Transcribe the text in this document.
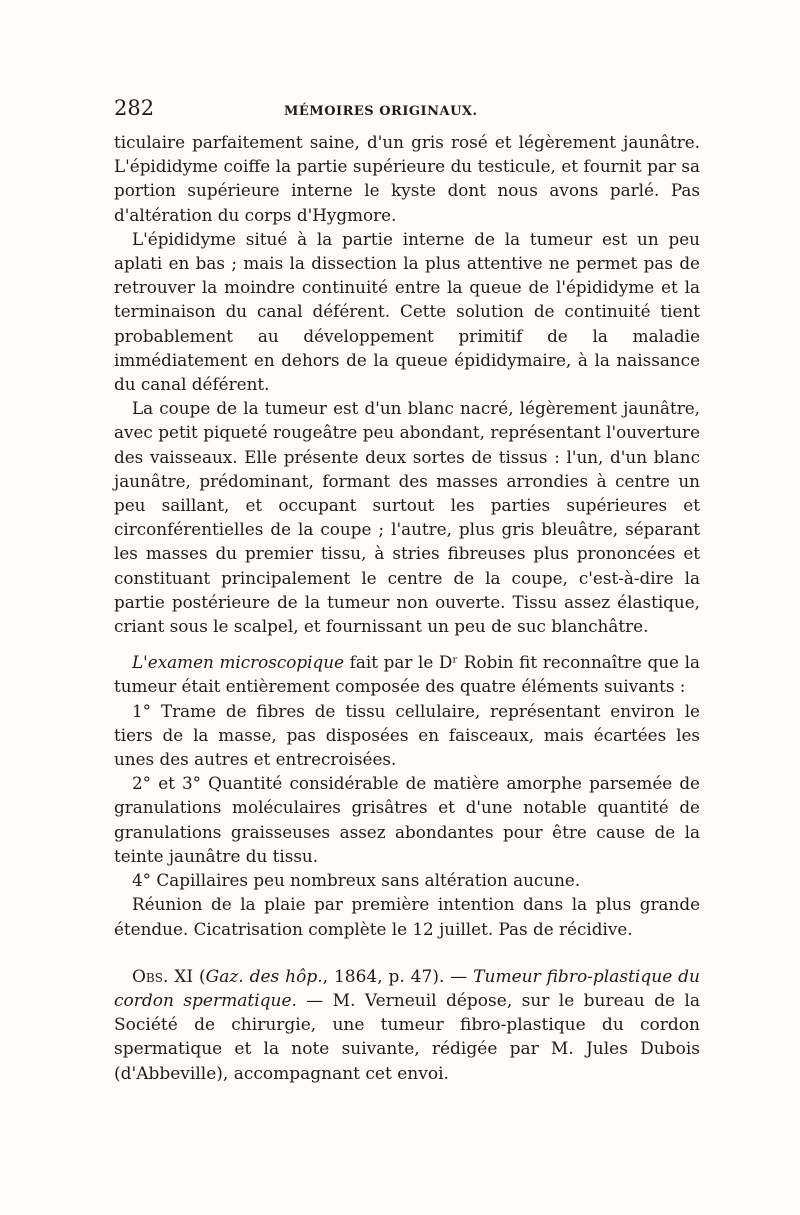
282	MÉMOIRES ORIGINAUX.

ticulaire parfaitement saine, d'un gris rosé et légèrement jaunâtre. L'épididyme coiffe la partie supérieure du testicule, et fournit par sa portion supérieure interne le kyste dont nous avons parlé. Pas d'altération du corps d'Hygmore.

L'épididyme situé à la partie interne de la tumeur est un peu aplati en bas ; mais la dissection la plus attentive ne permet pas de retrouver la moindre continuité entre la queue de l'épididyme et la terminaison du canal déférent. Cette solution de continuité tient probablement au développement primitif de la maladie immédiatement en dehors de la queue épididymaire, à la naissance du canal déférent.

La coupe de la tumeur est d'un blanc nacré, légèrement jaunâtre, avec petit piqueté rougeâtre peu abondant, représentant l'ouverture des vaisseaux. Elle présente deux sortes de tissus : l'un, d'un blanc jaunâtre, prédominant, formant des masses arrondies à centre un peu saillant, et occupant surtout les parties supérieures et circonférentielles de la coupe ; l'autre, plus gris bleuâtre, séparant les masses du premier tissu, à stries fibreuses plus prononcées et constituant principalement le centre de la coupe, c'est-à-dire la partie postérieure de la tumeur non ouverte. Tissu assez élastique, criant sous le scalpel, et fournissant un peu de suc blanchâtre.

L'examen microscopique fait par le Dʳ Robin fit reconnaître que la tumeur était entièrement composée des quatre éléments suivants :

1° Trame de fibres de tissu cellulaire, représentant environ le tiers de la masse, pas disposées en faisceaux, mais écartées les unes des autres et entrecroisées.

2° et 3° Quantité considérable de matière amorphe parsemée de granulations moléculaires grisâtres et d'une notable quantité de granulations graisseuses assez abondantes pour être cause de la teinte jaunâtre du tissu.

4° Capillaires peu nombreux sans altération aucune.

Réunion de la plaie par première intention dans la plus grande étendue. Cicatrisation complète le 12 juillet. Pas de récidive.

Obs. XI (Gaz. des hôp., 1864, p. 47). — Tumeur fibro-plastique du cordon spermatique. — M. Verneuil dépose, sur le bureau de la Société de chirurgie, une tumeur fibro-plastique du cordon spermatique et la note suivante, rédigée par M. Jules Dubois (d'Abbeville), accompagnant cet envoi.
